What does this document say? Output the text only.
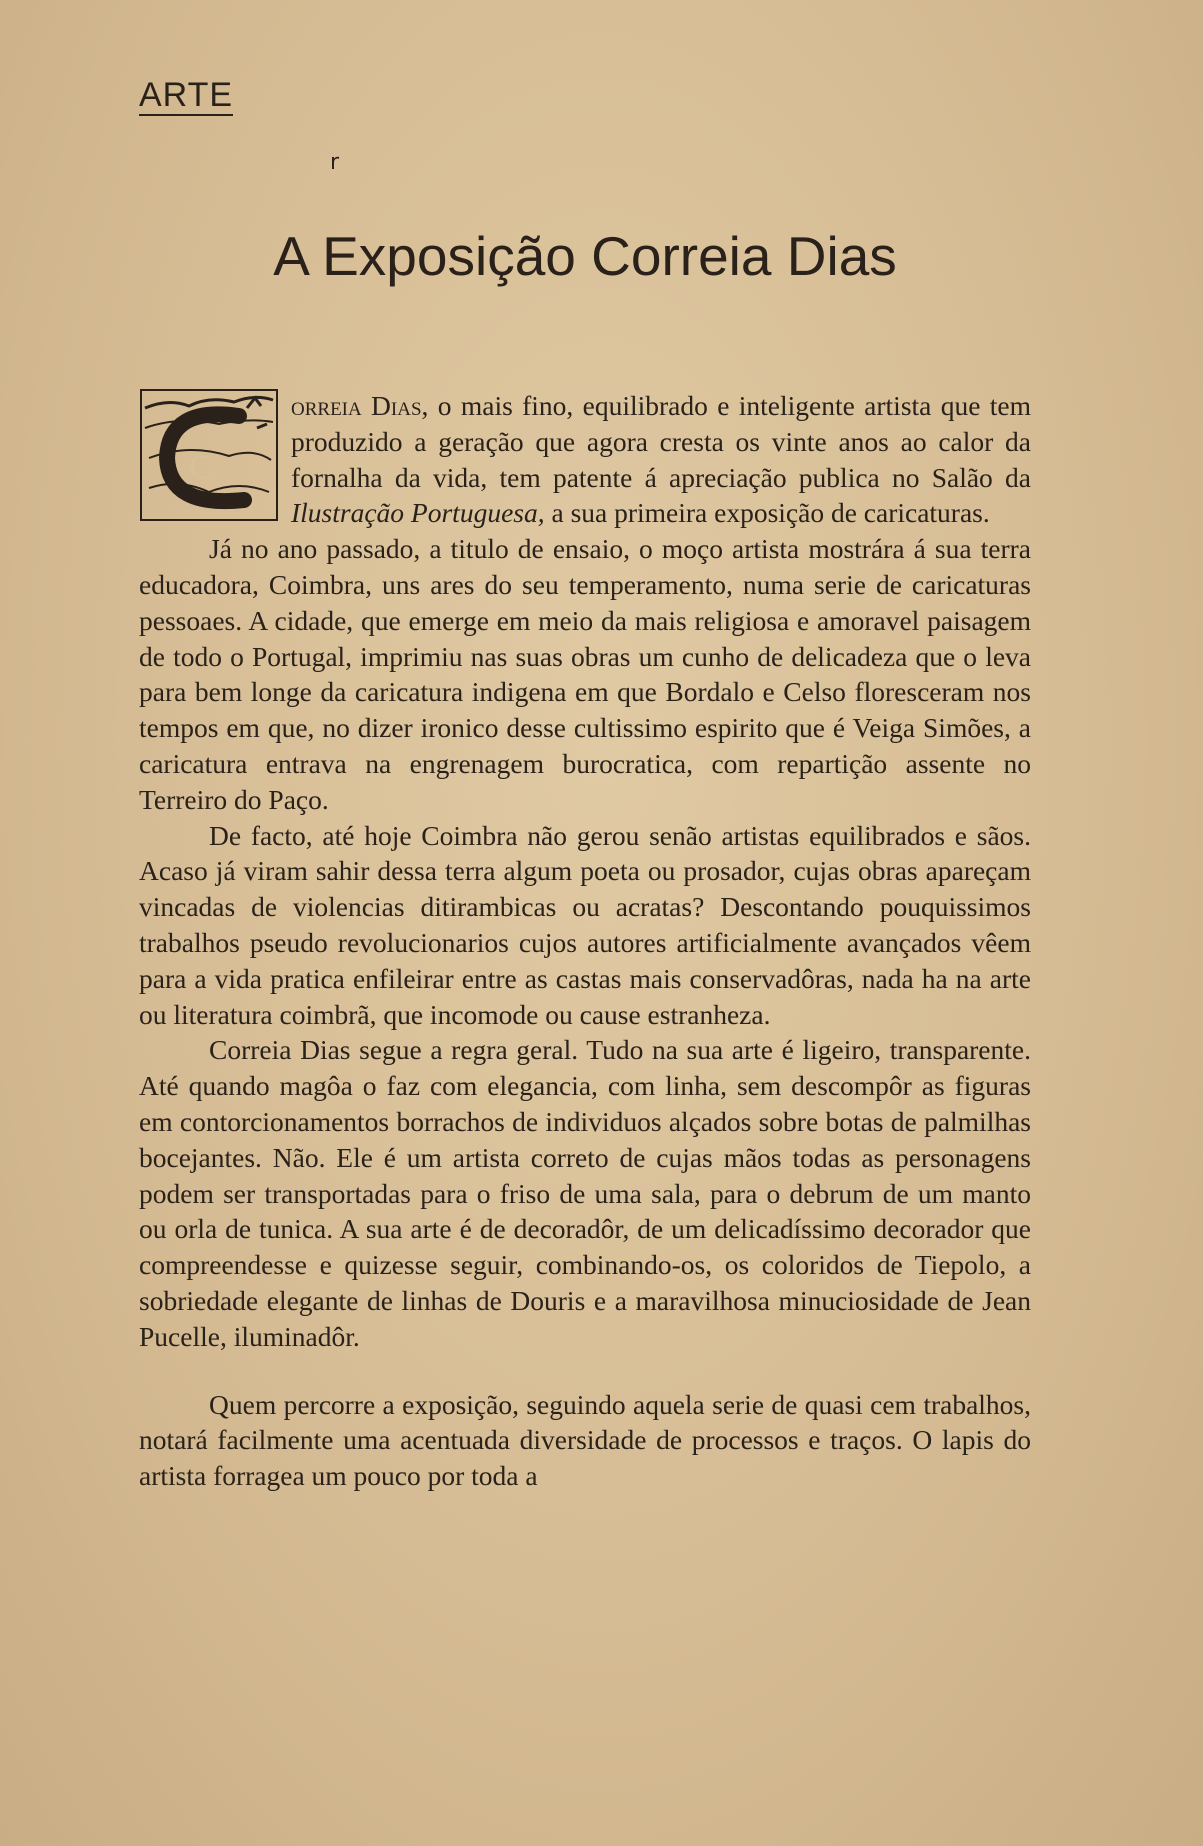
ARTE
r
A Exposição Correia Dias
C

orreia Dias, o mais fino, equilibrado e inteligente artista que tem produzido a geração que agora cresta os vinte anos ao calor da fornalha da vida, tem patente á apreciação publica no Salão da Ilustração Portuguesa, a sua primeira exposição de caricaturas.

Já no ano passado, a titulo de ensaio, o moço artista mostrára á sua terra educadora, Coimbra, uns ares do seu temperamento, numa serie de caricaturas pessoaes. A cidade, que emerge em meio da mais religiosa e amoravel paisagem de todo o Portugal, imprimiu nas suas obras um cunho de delicadeza que o leva para bem longe da caricatura indigena em que Bordalo e Celso floresceram nos tempos em que, no dizer ironico desse cultissimo espirito que é Veiga Simões, a caricatura entrava na engrenagem burocratica, com repartição assente no Terreiro do Paço.

De facto, até hoje Coimbra não gerou senão artistas equilibrados e sãos. Acaso já viram sahir dessa terra algum poeta ou prosador, cujas obras apareçam vincadas de violencias ditirambicas ou acratas? Descontando pouquissimos trabalhos pseudo revolucionarios cujos autores artificialmente avançados vêem para a vida pratica enfileirar entre as castas mais conservadôras, nada ha na arte ou literatura coimbrã, que incomode ou cause estranheza.

Correia Dias segue a regra geral. Tudo na sua arte é ligeiro, transparente. Até quando magôa o faz com elegancia, com linha, sem descompôr as figuras em contorcionamentos borrachos de individuos alçados sobre botas de palmilhas bocejantes. Não. Ele é um artista correto de cujas mãos todas as personagens podem ser transportadas para o friso de uma sala, para o debrum de um manto ou orla de tunica. A sua arte é de decoradôr, de um delicadíssimo decorador que compreendesse e quizesse seguir, combinando-os, os coloridos de Tiepolo, a sobriedade elegante de linhas de Douris e a maravilhosa minuciosidade de Jean Pucelle, iluminadôr.

Quem percorre a exposição, seguindo aquela serie de quasi cem trabalhos, notará facilmente uma acentuada diversidade de processos e traços. O lapis do artista forragea um pouco por toda a
